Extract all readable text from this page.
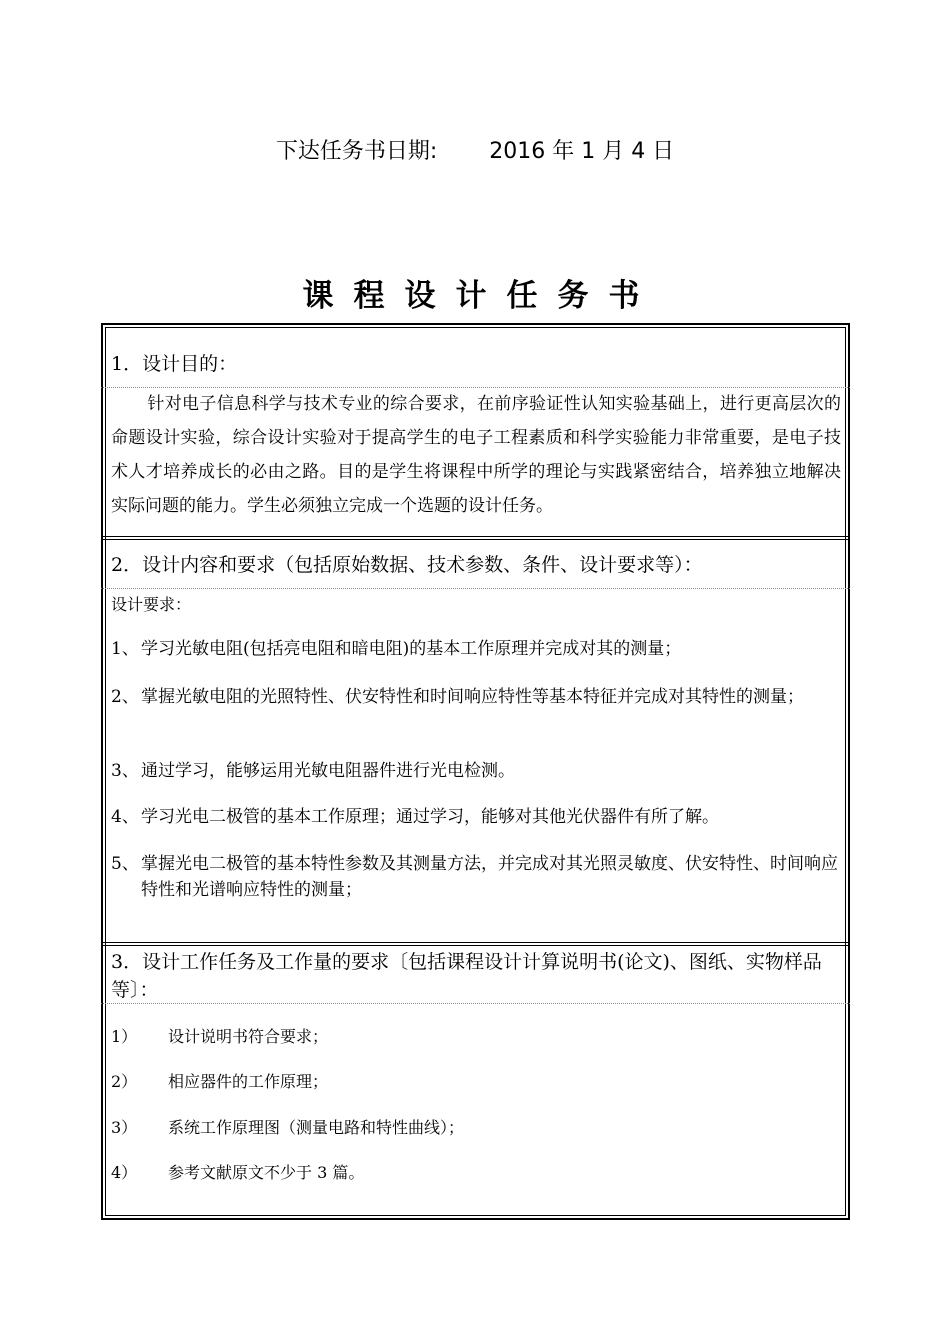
下达任务书日期: 2016 年 1 月 4 日
课程设计任务书
1．设计目的：
针对电子信息科学与技术专业的综合要求，在前序验证性认知实验基础上，进行更高层次的命题设计实验，综合设计实验对于提高学生的电子工程素质和科学实验能力非常重要，是电子技术人才培养成长的必由之路。目的是学生将课程中所学的理论与实践紧密结合，培养独立地解决实际问题的能力。学生必须独立完成一个选题的设计任务。
2．设计内容和要求（包括原始数据、技术参数、条件、设计要求等）：
设计要求：
1、 学习光敏电阻(包括亮电阻和暗电阻)的基本工作原理并完成对其的测量；
2、 掌握光敏电阻的光照特性、伏安特性和时间响应特性等基本特征并完成对其特性的测量；
3、 通过学习，能够运用光敏电阻器件进行光电检测。
4、 学习光电二极管的基本工作原理；通过学习，能够对其他光伏器件有所了解。
5、 掌握光电二极管的基本特性参数及其测量方法，并完成对其光照灵敏度、伏安特性、时间响应特性和光谱响应特性的测量；
3．设计工作任务及工作量的要求〔包括课程设计计算说明书(论文)、图纸、实物样品等〕：
1）	设计说明书符合要求；
2）	相应器件的工作原理；
3）	系统工作原理图（测量电路和特性曲线）；
4）	参考文献原文不少于 3 篇。
